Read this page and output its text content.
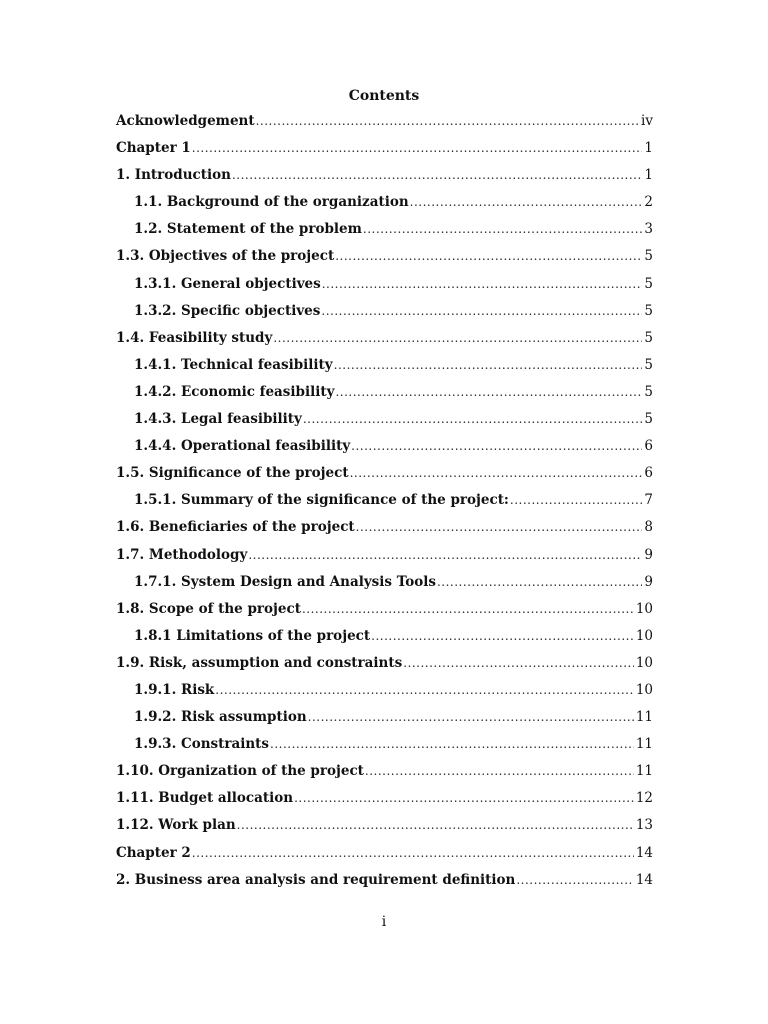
Contents
Acknowledgement .....	iv
Chapter 1 .....	1
1. Introduction .....	1
1.1. Background of the organization .....	2
1.2. Statement of the problem .....	3
1.3. Objectives of the project .....	5
1.3.1. General objectives .....	5
1.3.2. Specific objectives .....	5
1.4. Feasibility study .....	5
1.4.1. Technical feasibility .....	5
1.4.2. Economic feasibility .....	5
1.4.3. Legal feasibility .....	5
1.4.4. Operational feasibility .....	6
1.5. Significance of the project .....	6
1.5.1. Summary of the significance of the project: .....	7
1.6. Beneficiaries of the project .....	8
1.7. Methodology .....	9
1.7.1. System Design and Analysis Tools .....	9
1.8. Scope of the project .....	10
1.8.1 Limitations of the project .....	10
1.9. Risk, assumption and constraints .....	10
1.9.1. Risk .....	10
1.9.2. Risk assumption .....	11
1.9.3. Constraints .....	11
1.10. Organization of the project .....	11
1.11. Budget allocation .....	12
1.12. Work plan .....	13
Chapter 2 .....	14
2. Business area analysis and requirement definition .....	14
i
